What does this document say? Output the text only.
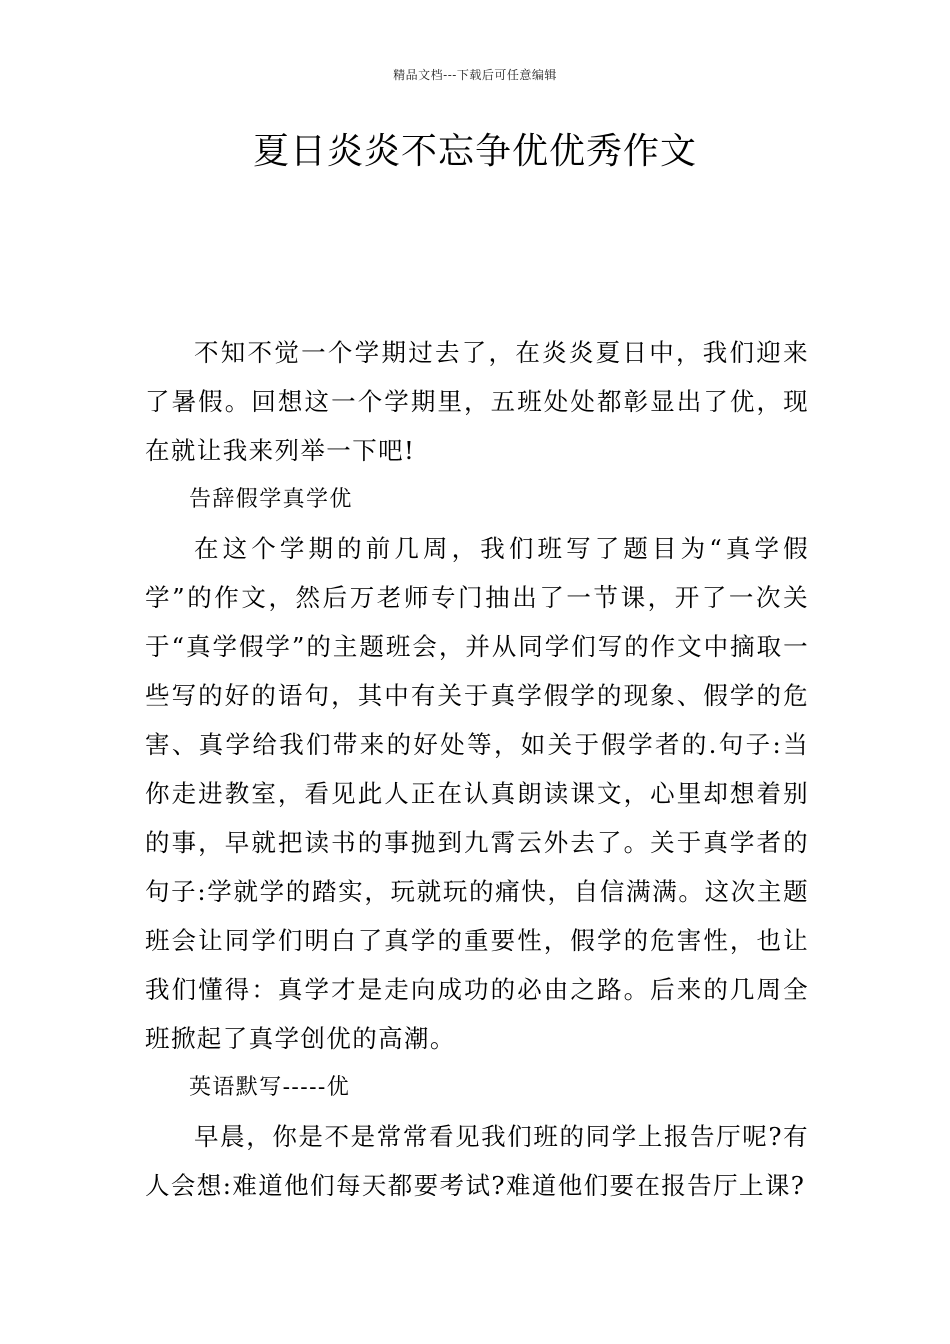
精品文档---下载后可任意编辑
夏日炎炎不忘争优优秀作文

不知不觉一个学期过去了，在炎炎夏日中，我们迎来了暑假。回想这一个学期里，五班处处都彰显出了优，现在就让我来列举一下吧!

告辞假学真学优

在这个学期的前几周，我们班写了题目为“真学假学”的作文，然后万老师专门抽出了一节课，开了一次关于“真学假学”的主题班会，并从同学们写的作文中摘取一些写的好的语句，其中有关于真学假学的现象、假学的危害、真学给我们带来的好处等，如关于假学者的.句子:当你走进教室，看见此人正在认真朗读课文，心里却想着别的事，早就把读书的事抛到九霄云外去了。关于真学者的句子:学就学的踏实，玩就玩的痛快，自信满满。这次主题班会让同学们明白了真学的重要性，假学的危害性，也让我们懂得：真学才是走向成功的必由之路。后来的几周全班掀起了真学创优的高潮。

英语默写-----优

早晨，你是不是常常看见我们班的同学上报告厅呢?有人会想:难道他们每天都要考试?难道他们要在报告厅上课?
